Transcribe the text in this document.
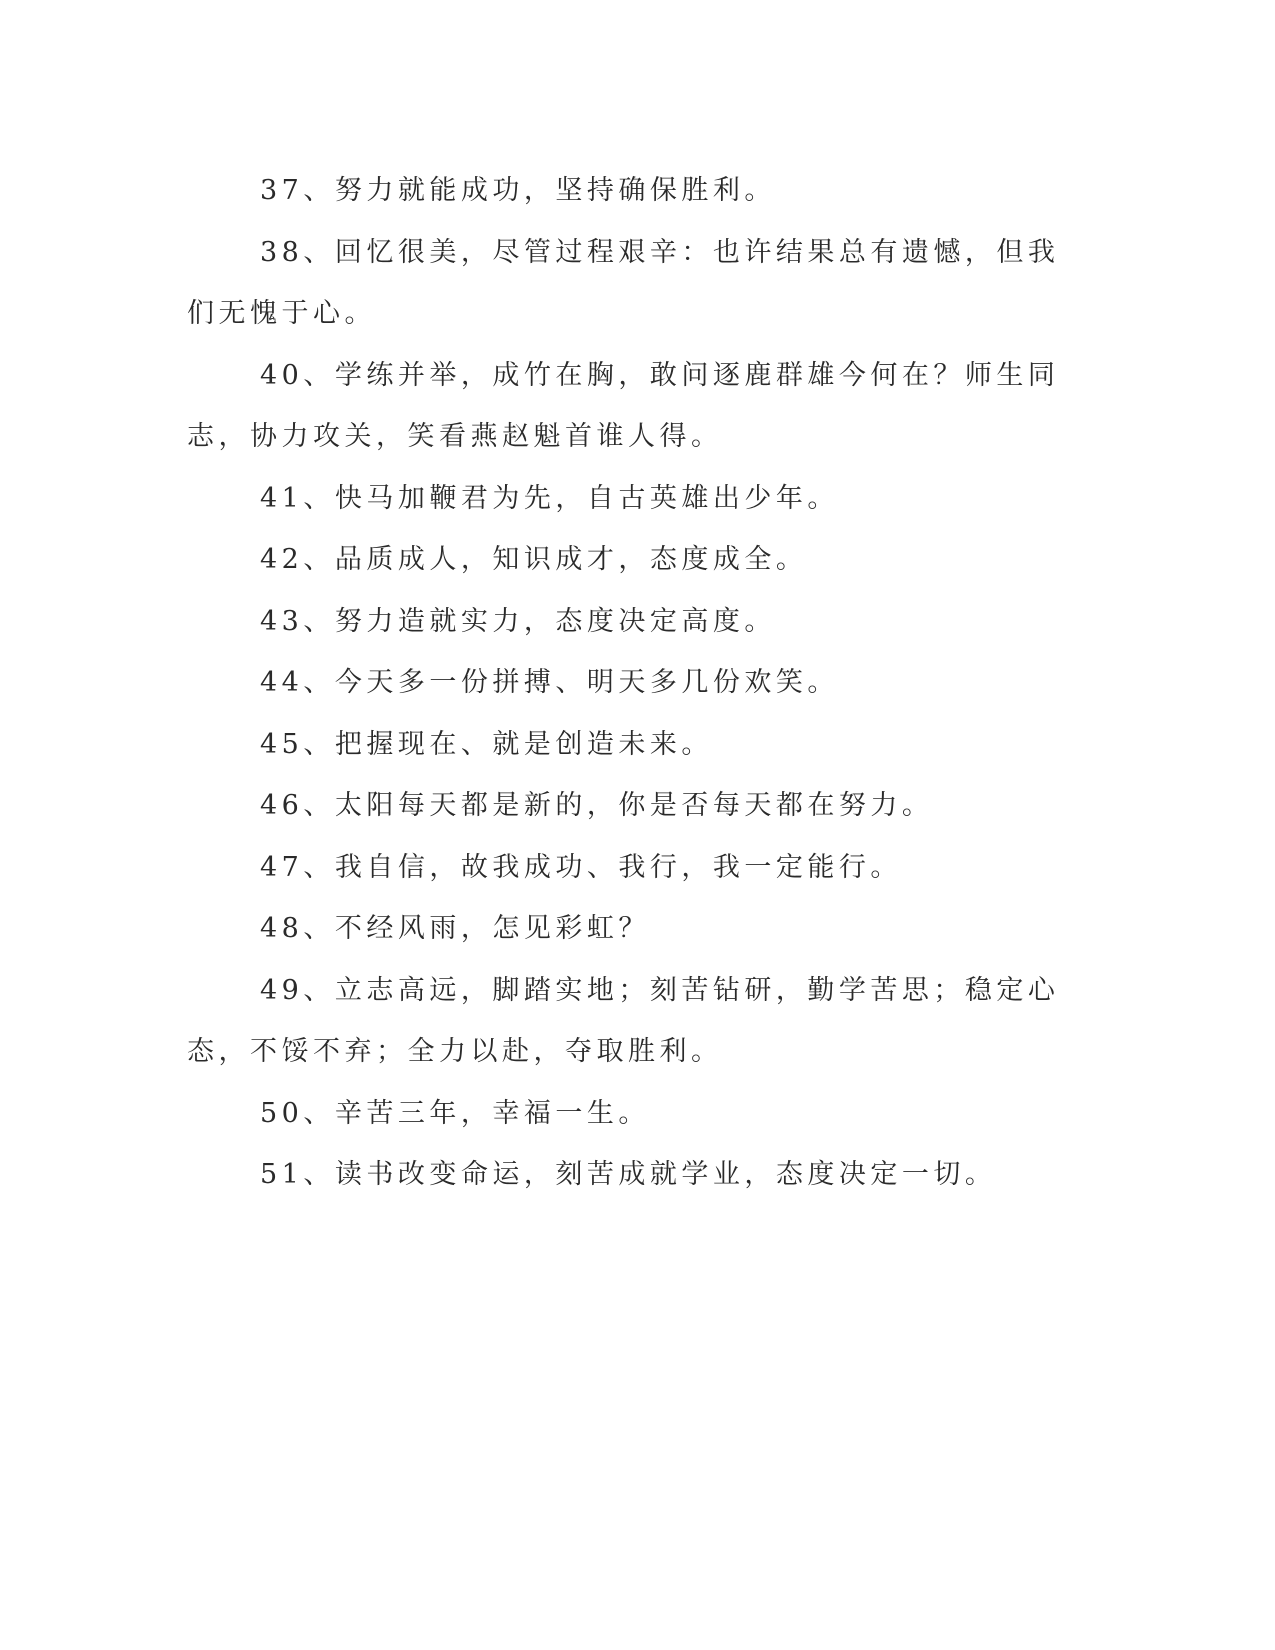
37、努力就能成功，坚持确保胜利。

38、回忆很美，尽管过程艰辛：也许结果总有遗憾，但我们无愧于心。

40、学练并举，成竹在胸，敢问逐鹿群雄今何在？师生同志，协力攻关，笑看燕赵魁首谁人得。

41、快马加鞭君为先，自古英雄出少年。

42、品质成人，知识成才，态度成全。

43、努力造就实力，态度决定高度。

44、今天多一份拼搏、明天多几份欢笑。

45、把握现在、就是创造未来。

46、太阳每天都是新的，你是否每天都在努力。

47、我自信，故我成功、我行，我一定能行。

48、不经风雨，怎见彩虹？

49、立志高远，脚踏实地；刻苦钻研，勤学苦思；稳定心态，不馁不弃；全力以赴，夺取胜利。

50、辛苦三年，幸福一生。

51、读书改变命运，刻苦成就学业，态度决定一切。
